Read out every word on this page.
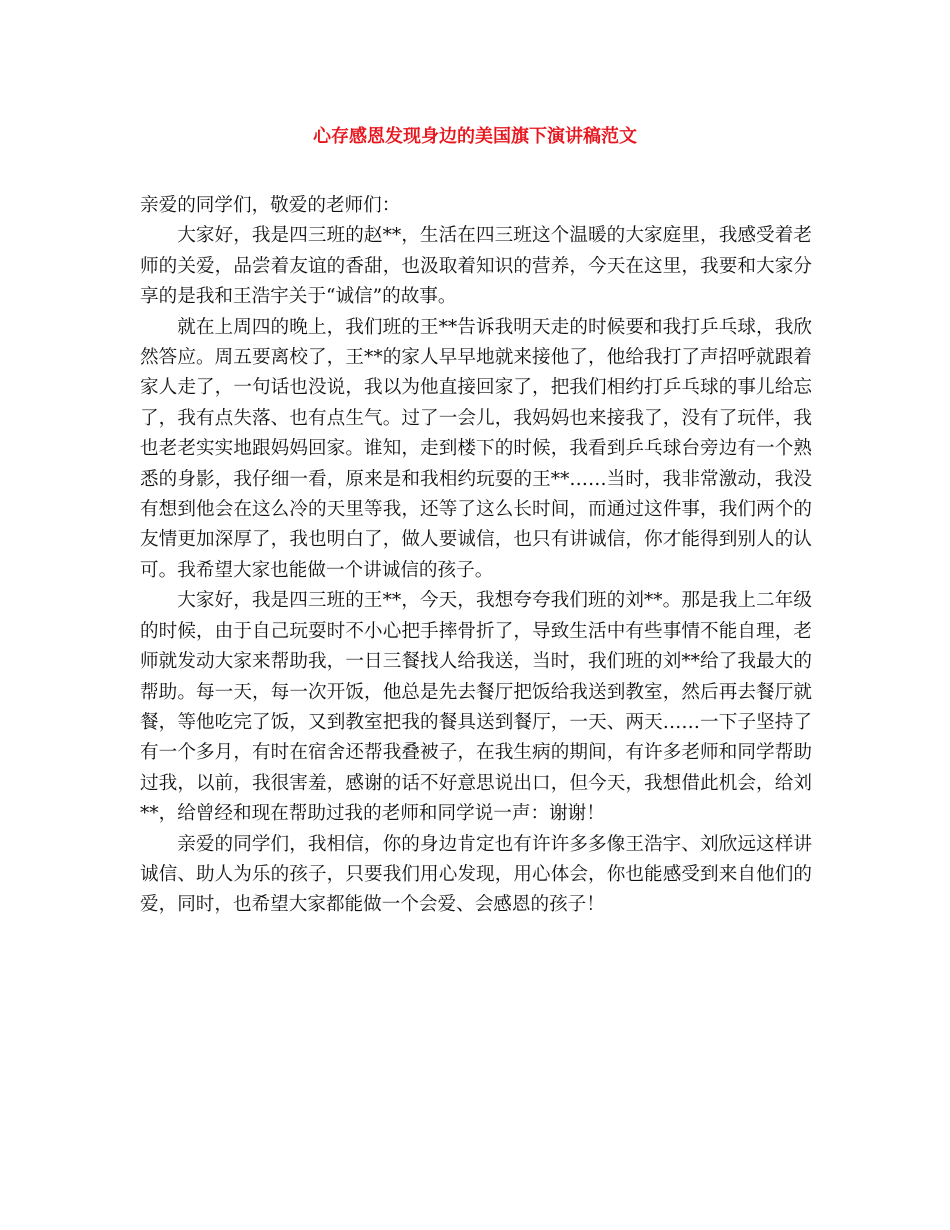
心存感恩发现身边的美国旗下演讲稿范文

亲爱的同学们，敬爱的老师们：

大家好，我是四三班的赵**，生活在四三班这个温暖的大家庭里，我感受着老师的关爱，品尝着友谊的香甜，也汲取着知识的营养，今天在这里，我要和大家分享的是我和王浩宇关于“诚信”的故事。

就在上周四的晚上，我们班的王**告诉我明天走的时候要和我打乒乓球，我欣然答应。周五要离校了，王**的家人早早地就来接他了，他给我打了声招呼就跟着家人走了，一句话也没说，我以为他直接回家了，把我们相约打乒乓球的事儿给忘了，我有点失落、也有点生气。过了一会儿，我妈妈也来接我了，没有了玩伴，我也老老实实地跟妈妈回家。谁知，走到楼下的时候，我看到乒乓球台旁边有一个熟悉的身影，我仔细一看，原来是和我相约玩耍的王**……当时，我非常激动，我没有想到他会在这么冷的天里等我，还等了这么长时间，而通过这件事，我们两个的友情更加深厚了，我也明白了，做人要诚信，也只有讲诚信，你才能得到别人的认可。我希望大家也能做一个讲诚信的孩子。

大家好，我是四三班的王**，今天，我想夸夸我们班的刘**。那是我上二年级的时候，由于自己玩耍时不小心把手摔骨折了，导致生活中有些事情不能自理，老师就发动大家来帮助我，一日三餐找人给我送，当时，我们班的刘**给了我最大的帮助。每一天，每一次开饭，他总是先去餐厅把饭给我送到教室，然后再去餐厅就餐，等他吃完了饭，又到教室把我的餐具送到餐厅，一天、两天……一下子坚持了有一个多月，有时在宿舍还帮我叠被子，在我生病的期间，有许多老师和同学帮助过我，以前，我很害羞，感谢的话不好意思说出口，但今天，我想借此机会，给刘**，给曾经和现在帮助过我的老师和同学说一声：谢谢！

亲爱的同学们，我相信，你的身边肯定也有许许多多像王浩宇、刘欣远这样讲诚信、助人为乐的孩子，只要我们用心发现，用心体会，你也能感受到来自他们的爱，同时，也希望大家都能做一个会爱、会感恩的孩子！
